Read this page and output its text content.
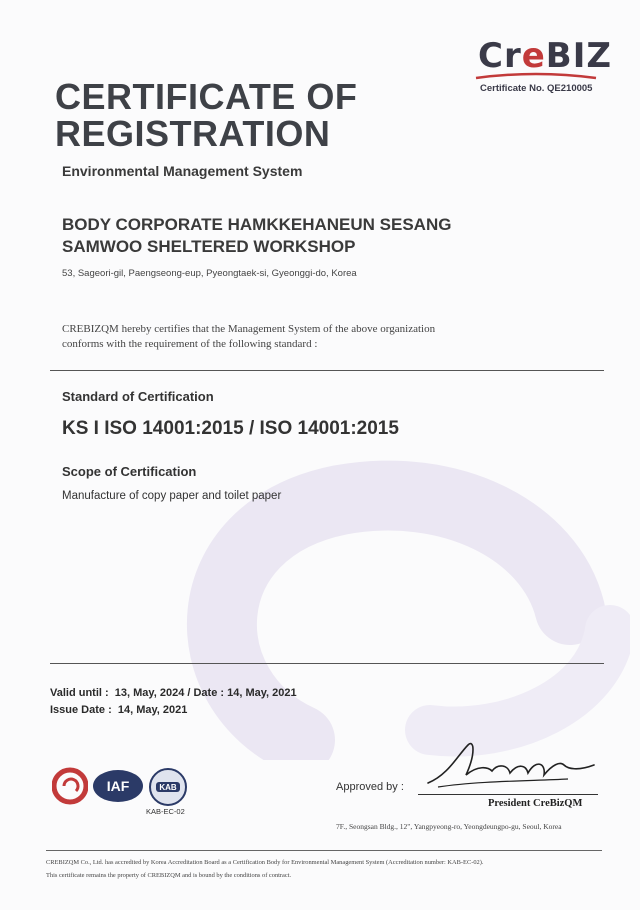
CreBIZ
Certificate No. QE210005
CERTIFICATE OF
REGISTRATION
Environmental Management System
BODY CORPORATE HAMKKEHANEUN SESANG
SAMWOO SHELTERED WORKSHOP
53, Sageori-gil, Paengseong-eup, Pyeongtaek-si, Gyeonggi-do, Korea
CREBIZQM hereby certifies that the Management System of the above organization
conforms with the requirement of the following standard :
Standard of Certification
KS I ISO 14001:2015 / ISO 14001:2015
Scope of Certification
Manufacture of copy paper and toilet paper
Valid until : 13, May, 2024 / Date : 14, May, 2021
Issue Date : 14, May, 2021
IAF	KAB
KAB-EC-02
Approved by :
President CreBizQM
7F., Seongsan Bldg., 12", Yangpyeong-ro, Yeongdeungpo-gu, Seoul, Korea
CREBIZQM Co., Ltd. has accredited by Korea Accreditation Board as a Certification Body for Environmental Management System (Accreditation number: KAB-EC-02).
This certificate remains the property of CREBIZQM and is bound by the conditions of contract.
